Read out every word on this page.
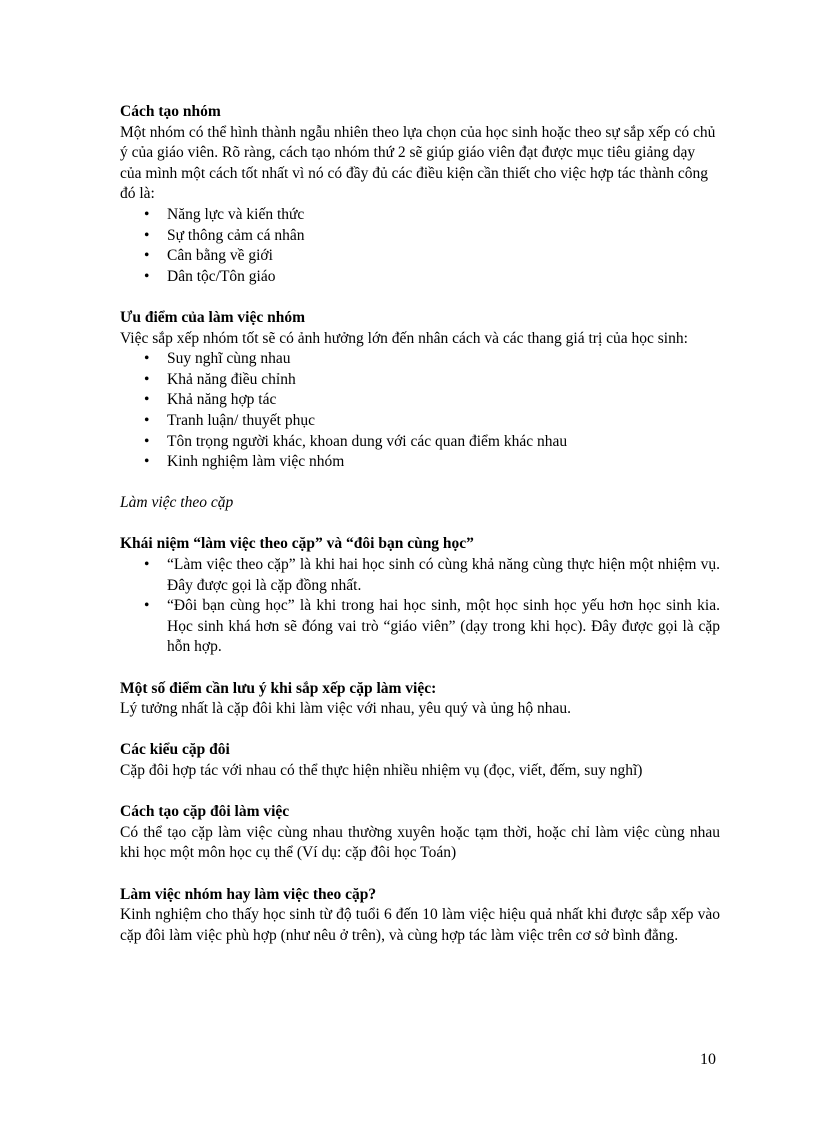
Cách tạo nhóm

Một nhóm có thể hình thành ngẫu nhiên theo lựa chọn của học sinh hoặc theo sự sắp xếp có chủ ý của giáo viên. Rõ ràng, cách tạo nhóm thứ 2 sẽ giúp giáo viên đạt được mục tiêu giảng dạy của mình một cách tốt nhất vì nó có đầy đủ các điều kiện cần thiết cho việc hợp tác thành công đó là:

• Năng lực và kiến thức
• Sự thông cảm cá nhân
• Cân bằng về giới
• Dân tộc/Tôn giáo

Ưu điểm của làm việc nhóm

Việc sắp xếp nhóm tốt sẽ có ảnh hưởng lớn đến nhân cách và các thang giá trị của học sinh:

• Suy nghĩ cùng nhau
• Khả năng điều chỉnh
• Khả năng hợp tác
• Tranh luận/ thuyết phục
• Tôn trọng người khác, khoan dung với các quan điểm khác nhau
• Kinh nghiệm làm việc nhóm

Làm việc theo cặp

Khái niệm “làm việc theo cặp” và “đôi bạn cùng học”

• “Làm việc theo cặp” là khi hai học sinh có cùng khả năng cùng thực hiện một nhiệm vụ. Đây được gọi là cặp đồng nhất.
• “Đôi bạn cùng học” là khi trong hai học sinh, một học sinh học yếu hơn học sinh kia. Học sinh khá hơn sẽ đóng vai trò “giáo viên” (dạy trong khi học). Đây được gọi là cặp hỗn hợp.

Một số điểm cần lưu ý khi sắp xếp cặp làm việc:

Lý tưởng nhất là cặp đôi khi làm việc với nhau, yêu quý và ủng hộ nhau.

Các kiểu cặp đôi

Cặp đôi hợp tác với nhau có thể thực hiện nhiều nhiệm vụ (đọc, viết, đếm, suy nghĩ)

Cách tạo cặp đôi làm việc

Có thể tạo cặp làm việc cùng nhau thường xuyên hoặc tạm thời, hoặc chỉ làm việc cùng nhau khi học một môn học cụ thể (Ví dụ: cặp đôi học Toán)

Làm việc nhóm hay làm việc theo cặp?

Kinh nghiệm cho thấy học sinh từ độ tuổi 6 đến 10 làm việc hiệu quả nhất khi được sắp xếp vào cặp đôi làm việc phù hợp (như nêu ở trên), và cùng hợp tác làm việc trên cơ sở bình đẳng.

10
